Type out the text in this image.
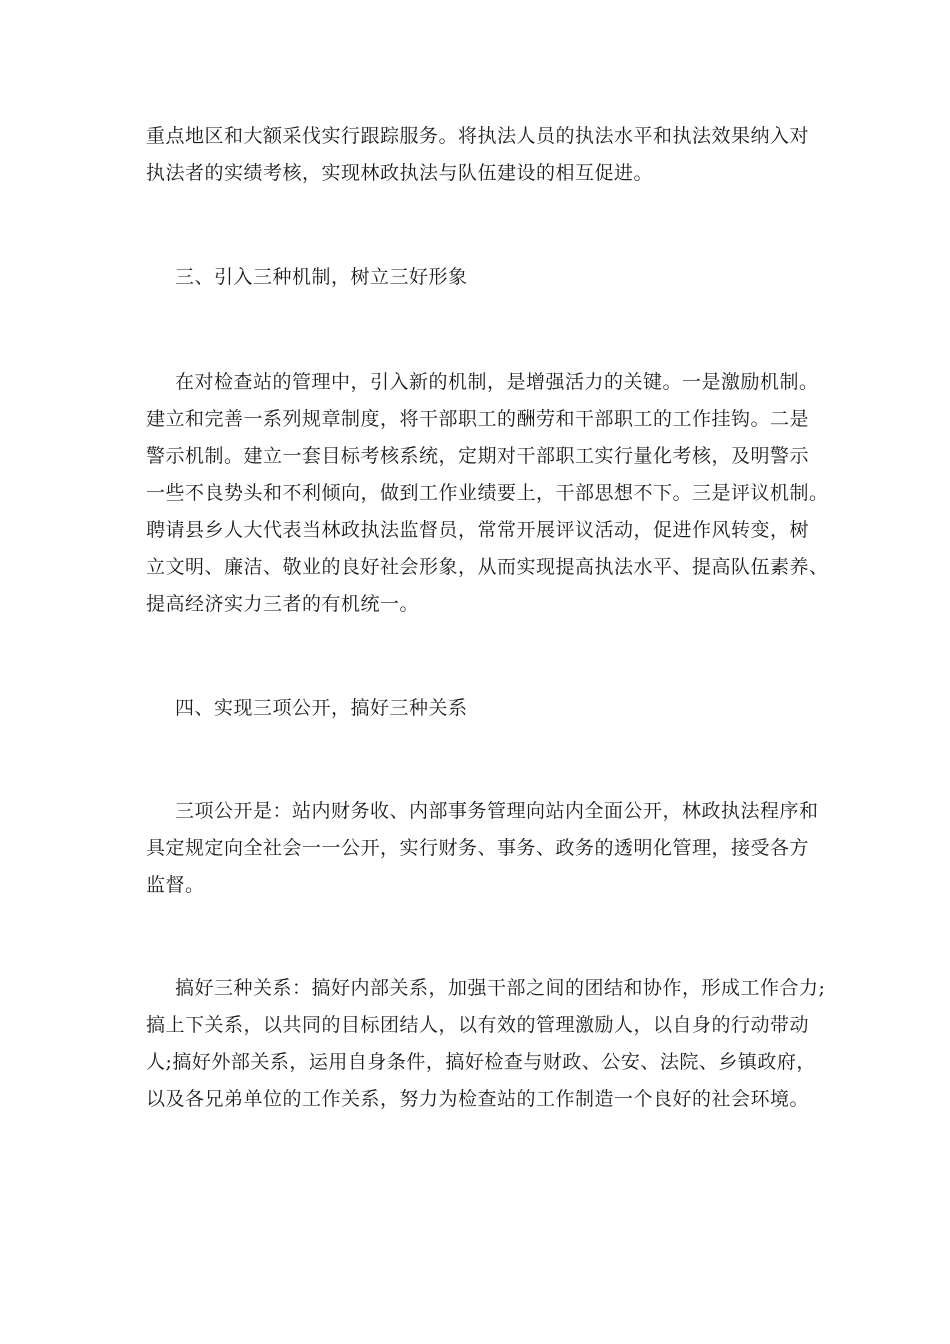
重点地区和大额采伐实行跟踪服务。将执法人员的执法水平和执法效果纳入对
执法者的实绩考核，实现林政执法与队伍建设的相互促进。
三、引入三种机制，树立三好形象
在对检查站的管理中，引入新的机制，是增强活力的关键。一是激励机制。
建立和完善一系列规章制度，将干部职工的酬劳和干部职工的工作挂钩。二是
警示机制。建立一套目标考核系统，定期对干部职工实行量化考核，及明警示
一些不良势头和不利倾向，做到工作业绩要上，干部思想不下。三是评议机制。
聘请县乡人大代表当林政执法监督员，常常开展评议活动，促进作风转变，树
立文明、廉洁、敬业的良好社会形象，从而实现提高执法水平、提高队伍素养、
提高经济实力三者的有机统一。
四、实现三项公开，搞好三种关系
三项公开是：站内财务收、内部事务管理向站内全面公开，林政执法程序和
具定规定向全社会一一公开，实行财务、事务、政务的透明化管理，接受各方
监督。
搞好三种关系：搞好内部关系，加强干部之间的团结和协作，形成工作合力;
搞上下关系，以共同的目标团结人，以有效的管理激励人，以自身的行动带动
人;搞好外部关系，运用自身条件，搞好检查与财政、公安、法院、乡镇政府，
以及各兄弟单位的工作关系，努力为检查站的工作制造一个良好的社会环境。
